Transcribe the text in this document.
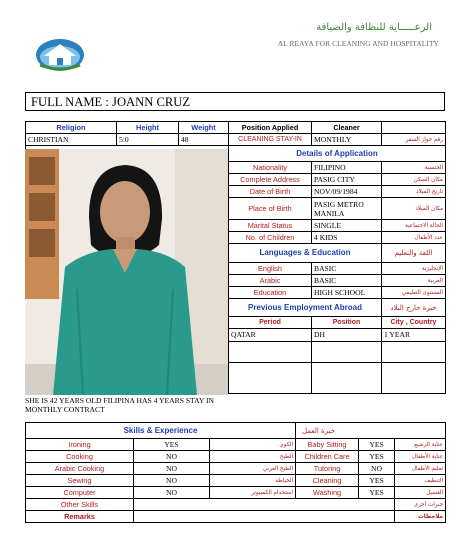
الرعـــــاية للنظافة والضيافة
AL REAYA FOR CLEANING AND HOSPITALITY
FULL NAME : JOANN CRUZ
Religion	Height	Weight	Position Applied	Cleaner	
CHRISTIAN	5:0	48	CLEANING STAY-IN	MONTHLY	رقم جواز السفر
			Details of Application		
			Nationality	FILIPINO	الجنسية
			Complete Address	PASIG CITY	مكان السكن
			Date of Birth	NOV/09/1984	تاريخ الميلاد
			Place of Birth	PASIG METRO MANILA	مكان الميلاد
			Marital Status	SINGLE	الحالة الاجتماعية
			No. of Children	4 KIDS	عدد الأطفال
			Languages & Education		اللغة والتعليم
			English	BASIC	الإنجليزية
			Arabic	BASIC	العربية
			Education	HIGH SCHOOL	المستوى التعليمي
			Previous Employment Abroad		خبرة خارج البلاد
			Period	Position	City , Country
			QATAR	DH	1 YEAR

SHE IS 42 YEARS OLD FILIPINA HAS 4 YEARS STAY IN MONTHLY CONTRACT
Skills & Experience			خبرة العمل		
Ironing	YES	الكوي	Baby Sitting	YES	عناية الرضيع
Cooking	NO	الطبخ	Children Care	YES	عناية الأطفال
Arabic Cooking	NO	الطبخ العربي	Tutoring	NO	تعليم الأطفال
Sewing	NO	الخياطة	Cleaning	YES	التنظيف
Computer	NO	استخدام الكمبيوتر	Washing	YES	الغسيل
Other Skills					خبرات أخرى
Remarks					ملاحظات
